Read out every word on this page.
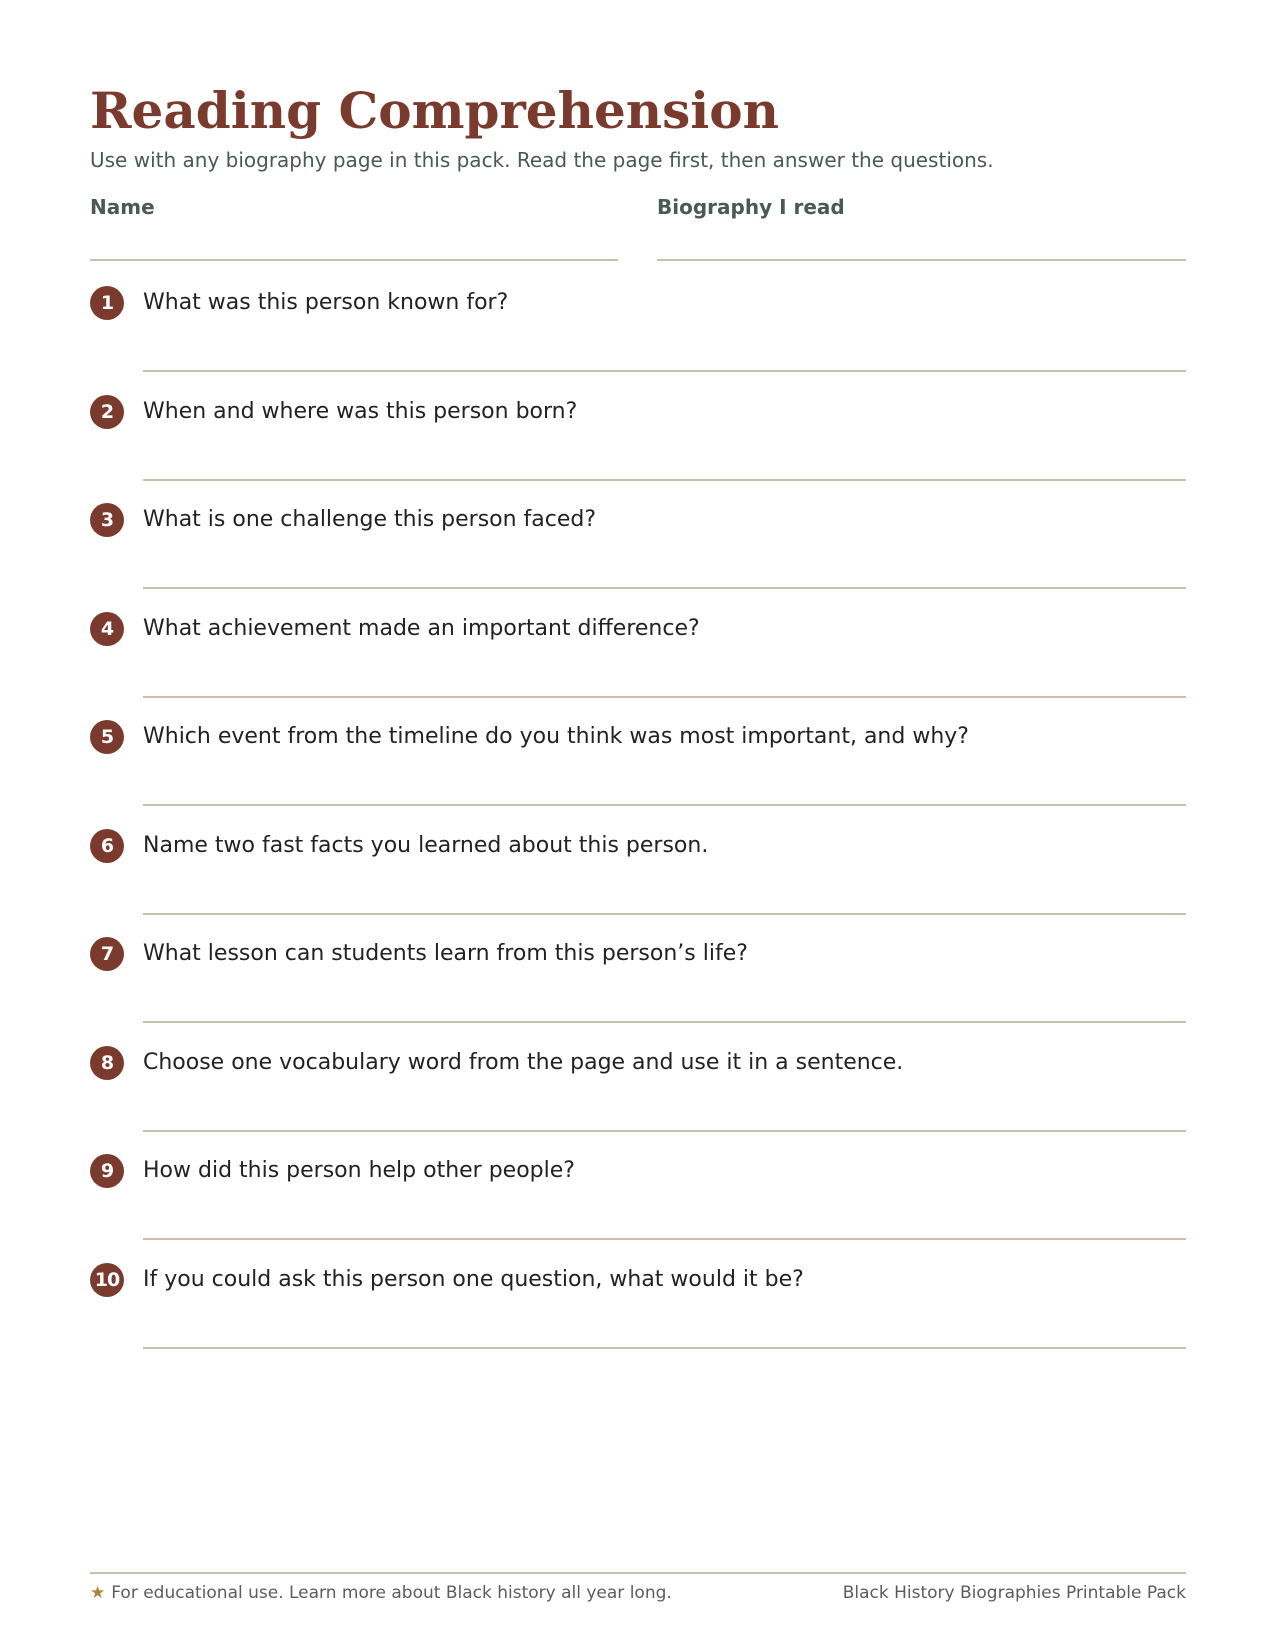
Reading Comprehension

Use with any biography page in this pack. Read the page first, then answer the questions.

Name	Biography I read
1	What was this person known for?
2	When and where was this person born?
3	What is one challenge this person faced?
4	What achievement made an important difference?
5	Which event from the timeline do you think was most important, and why?
6	Name two fast facts you learned about this person.
7	What lesson can students learn from this person’s life?
8	Choose one vocabulary word from the page and use it in a sentence.
9	How did this person help other people?
10 If you could ask this person one question, what would it be?
★ For educational use. Learn more about Black history all year long.	Black History Biographies Printable Pack
